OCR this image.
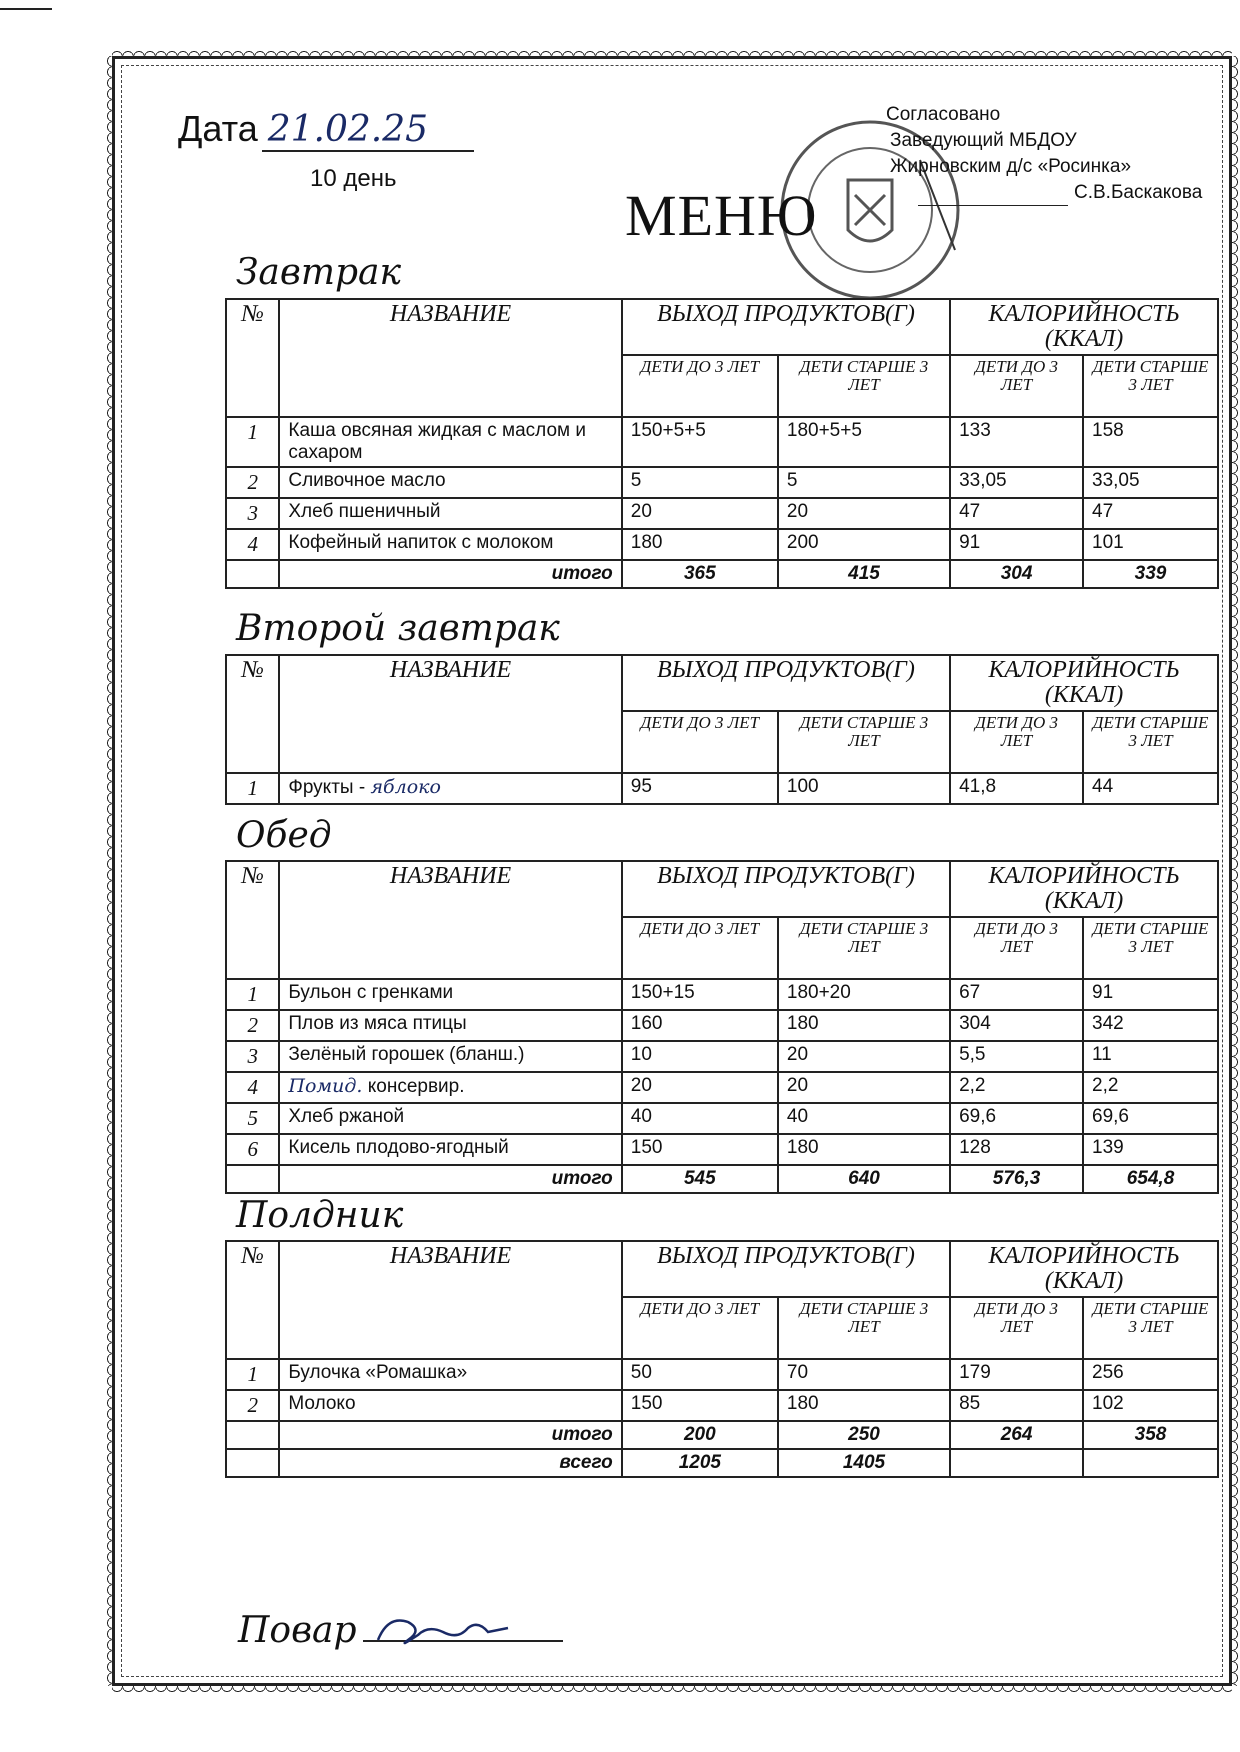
Дата 21.02.25
10 день
МЕНЮ
Согласовано
Заведующий МБДОУ
Жирновским д/с «Росинка»
С.В.Баскакова
Завтрак
№	НАЗВАНИЕ	ВЫХОД ПРОДУКТОВ(Г)		КАЛОРИЙНОСТЬ (ККАЛ)	
		ДЕТИ ДО 3 ЛЕТ	ДЕТИ СТАРШЕ 3 ЛЕТ	ДЕТИ ДО 3 ЛЕТ	ДЕТИ СТАРШЕ 3 ЛЕТ
1	Каша овсяная жидкая с маслом и сахаром	150+5+5	180+5+5	133	158
2	Сливочное масло	5	5	33,05	33,05
3	Хлеб пшеничный	20	20	47	47
4	Кофейный напиток с молоком	180	200	91	101
	итого	365	415	304	339
Второй завтрак
№	НАЗВАНИЕ	ВЫХОД ПРОДУКТОВ(Г)		КАЛОРИЙНОСТЬ (ККАЛ)	
		ДЕТИ ДО 3 ЛЕТ	ДЕТИ СТАРШЕ 3 ЛЕТ	ДЕТИ ДО 3 ЛЕТ	ДЕТИ СТАРШЕ 3 ЛЕТ
1	Фрукты - яблоко	95	100	41,8	44
Обед
№	НАЗВАНИЕ	ВЫХОД ПРОДУКТОВ(Г)		КАЛОРИЙНОСТЬ (ККАЛ)	
		ДЕТИ ДО 3 ЛЕТ	ДЕТИ СТАРШЕ 3 ЛЕТ	ДЕТИ ДО 3 ЛЕТ	ДЕТИ СТАРШЕ 3 ЛЕТ
1	Бульон с гренками	150+15	180+20	67	91
2	Плов из мяса птицы	160	180	304	342
3	Зелёный горошек (бланш.)	10	20	5,5	11
4	Помид. консервир.	20	20	2,2	2,2
5	Хлеб ржаной	40	40	69,6	69,6
6	Кисель плодово-ягодный	150	180	128	139
	итого	545	640	576,3	654,8
Полдник
№	НАЗВАНИЕ	ВЫХОД ПРОДУКТОВ(Г)		КАЛОРИЙНОСТЬ (ККАЛ)	
		ДЕТИ ДО 3 ЛЕТ	ДЕТИ СТАРШЕ 3 ЛЕТ	ДЕТИ ДО 3 ЛЕТ	ДЕТИ СТАРШЕ 3 ЛЕТ
1	Булочка «Ромашка»	50	70	179	256
2	Молоко	150	180	85	102
	итого	200	250	264	358
	всего	1205	1405		
Повар
